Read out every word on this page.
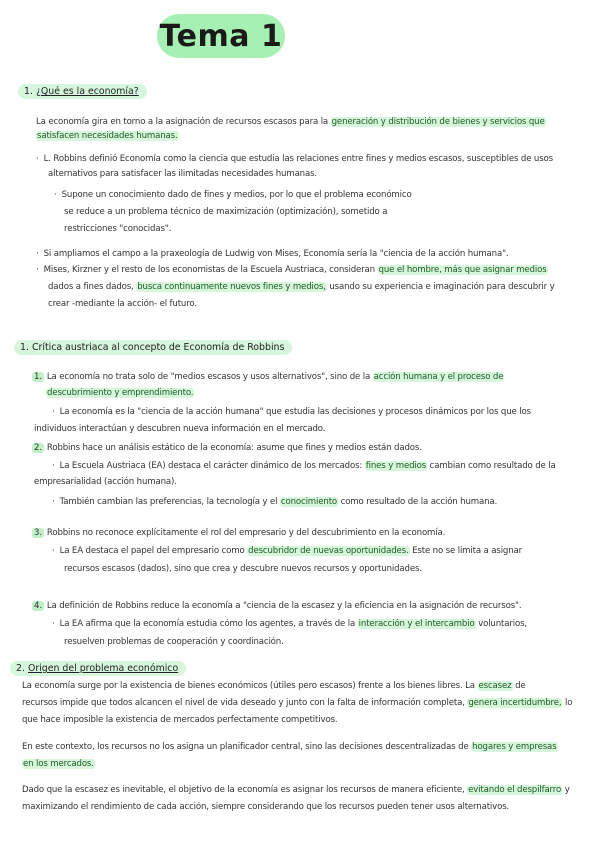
Tema 1
1. ¿Qué es la economía?
La economía gira en torno a la asignación de recursos escasos para la generación y distribución de bienes y servicios que
satisfacen necesidades humanas.
· L. Robbins definió Economía como la ciencia que estudia las relaciones entre fines y medios escasos, susceptibles de usos
alternativos para satisfacer las ilimitadas necesidades humanas.
· Supone un conocimiento dado de fines y medios, por lo que el problema económico
se reduce a un problema técnico de maximización (optimización), sometido a
restricciones "conocidas".
· Si ampliamos el campo a la praxeología de Ludwig von Mises, Economía sería la "ciencia de la acción humana".
· Mises, Kirzner y el resto de los economistas de la Escuela Austriaca, consideran que el hombre, más que asignar medios
dados a fines dados, busca continuamente nuevos fines y medios, usando su experiencia e imaginación para descubrir y
crear -mediante la acción- el futuro.
1. Crítica austriaca al concepto de Economía de Robbins
1. La economía no trata solo de "medios escasos y usos alternativos", sino de la acción humana y el proceso de
descubrimiento y emprendimiento.
· La economía es la "ciencia de la acción humana" que estudia las decisiones y procesos dinámicos por los que los
individuos interactúan y descubren nueva información en el mercado.
2. Robbins hace un análisis estático de la economía: asume que fines y medios están dados.
· La Escuela Austriaca (EA) destaca el carácter dinámico de los mercados: fines y medios cambian como resultado de la
empresarialidad (acción humana).
· También cambian las preferencias, la tecnología y el conocimiento como resultado de la acción humana.
3. Robbins no reconoce explícitamente el rol del empresario y del descubrimiento en la economía.
· La EA destaca el papel del empresario como descubridor de nuevas oportunidades. Este no se limita a asignar
recursos escasos (dados), sino que crea y descubre nuevos recursos y oportunidades.
4. La definición de Robbins reduce la economía a "ciencia de la escasez y la eficiencia en la asignación de recursos".
· La EA afirma que la economía estudia cómo los agentes, a través de la interacción y el intercambio voluntarios,
resuelven problemas de cooperación y coordinación.
2. Origen del problema económico
La economía surge por la existencia de bienes económicos (útiles pero escasos) frente a los bienes libres. La escasez de
recursos impide que todos alcancen el nivel de vida deseado y junto con la falta de información completa, genera incertidumbre, lo
que hace imposible la existencia de mercados perfectamente competitivos.
En este contexto, los recursos no los asigna un planificador central, sino las decisiones descentralizadas de hogares y empresas
en los mercados.
Dado que la escasez es inevitable, el objetivo de la economía es asignar los recursos de manera eficiente, evitando el despilfarro y
maximizando el rendimiento de cada acción, siempre considerando que los recursos pueden tener usos alternativos.
